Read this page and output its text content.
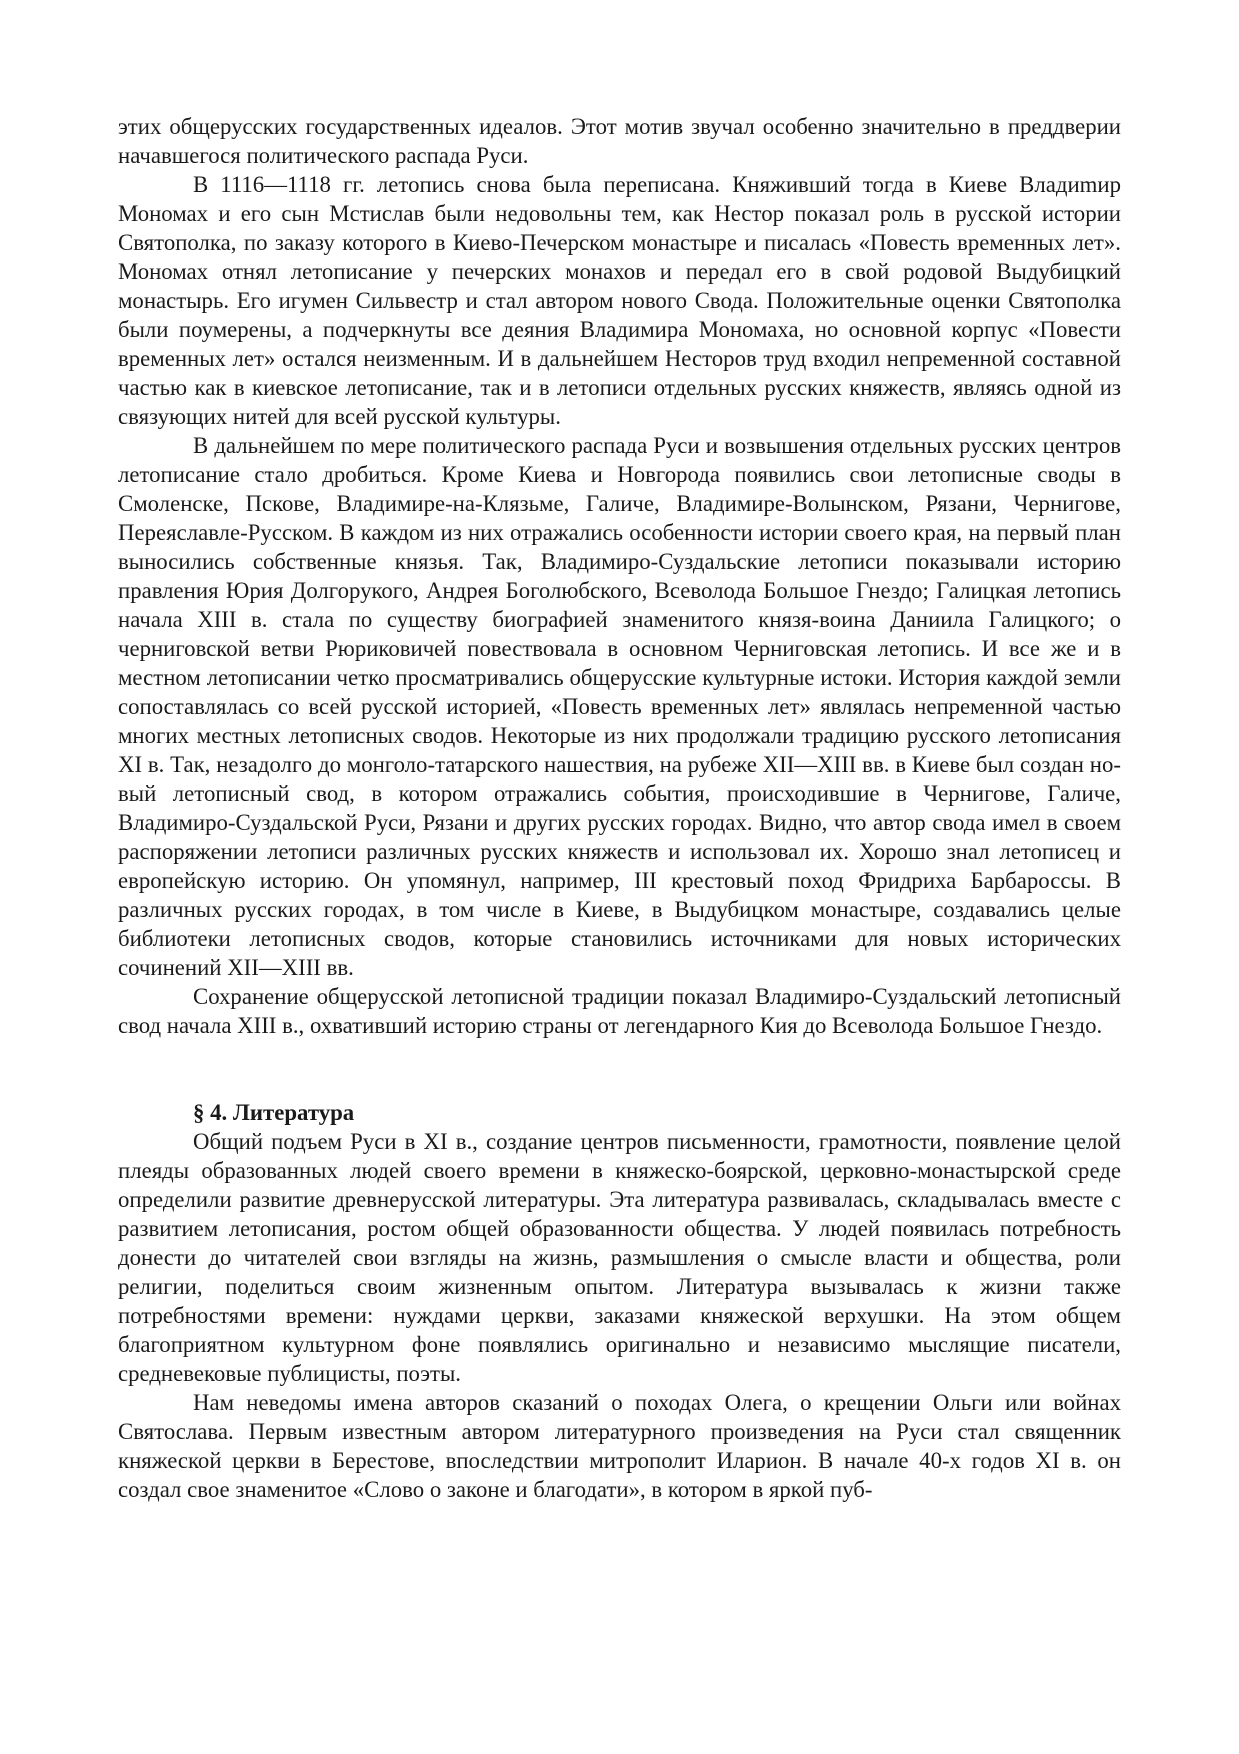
этих общерусских государственных идеалов. Этот мотив звучал особенно значительно в преддверии начавшегося политического распада Руси.

В 1116—1118 гг. летопись снова была переписана. Княживший тогда в Киеве Владиmир Мономах и его сын Мстислав были недовольны тем, как Нестор показал роль в русской истории Святополка, по заказу которого в Киево-Печерском монастыре и писалась «Повесть временных лет». Мономах отнял летописание у печерских монахов и передал его в свой родовой Выдубицкий монастырь. Его игумен Сильвестр и стал автором нового Свода. Положительные оценки Святополка были поумерены, а подчеркнуты все деяния Владимира Мономаха, но основной корпус «Повести временных лет» остался неизменным. И в дальнейшем Несторов труд входил непременной составной частью как в киевское летописание, так и в летописи отдельных русских княжеств, являясь одной из связующих нитей для всей русской культуры.

В дальнейшем по мере политического распада Руси и возвышения отдельных русских центров летописание стало дробиться. Кроме Киева и Новгорода появились свои летописные своды в Смоленске, Пскове, Владимире-на-Клязьме, Галиче, Владимире-Волынском, Рязани, Чернигове, Переяславле-Русском. В каждом из них отражались особенности истории своего края, на первый план выносились собственные князья. Так, Владимиро-Суздальские летописи показывали историю правления Юрия Долгорукого, Андрея Боголюбского, Всеволода Большое Гнездо; Галицкая летопись начала XIII в. стала по существу биографией знаменитого князя-воина Даниила Галицкого; о черниговской ветви Рюриковичей повествовала в основном Черниговская летопись. И все же и в местном летописании четко просматривались общерусские культурные истоки. История каждой земли сопоставлялась со всей русской историей, «Повесть временных лет» являлась непременной частью многих местных летописных сводов. Некоторые из них продолжали традицию русского летописания XI в. Так, незадолго до монголо-татарского нашествия, на рубеже XII—XIII вв. в Киеве был создан новый летописный свод, в котором отражались события, происходившие в Чернигове, Галиче, Владимиро-Суздальской Руси, Рязани и других русских городах. Видно, что автор свода имел в своем распоряжении летописи различных русских княжеств и использовал их. Хорошо знал летописец и европейскую историю. Он упомянул, например, III крестовый поход Фридриха Барбароссы. В различных русских городах, в том числе в Киеве, в Выдубицком монастыре, создавались целые библиотеки летописных сводов, которые становились источниками для новых исторических сочинений XII—XIII вв.

Сохранение общерусской летописной традиции показал Владимиро-Суздальский летописный свод начала XIII в., охвативший историю страны от легендарного Кия до Всеволода Большое Гнездо.

§ 4. Литература

Общий подъем Руси в XI в., создание центров письменности, грамотности, появление целой плеяды образованных людей своего времени в княжеско-боярской, церковно-монастырской среде определили развитие древнерусской литературы. Эта литература развивалась, складывалась вместе с развитием летописания, ростом общей образованности общества. У людей появилась потребность донести до читателей свои взгляды на жизнь, размышления о смысле власти и общества, роли религии, поделиться своим жизненным опытом. Литература вызывалась к жизни также потребностями времени: нуждами церкви, заказами княжеской верхушки. На этом общем благоприятном культурном фоне появлялись оригинально и независимо мыслящие писатели, средневековые публицисты, поэты.

Нам неведомы имена авторов сказаний о походах Олега, о крещении Ольги или войнах Святослава. Первым известным автором литературного произведения на Руси стал священник княжеской церкви в Берестове, впоследствии митрополит Иларион. В начале 40-х годов XI в. он создал свое знаменитое «Слово о законе и благодати», в котором в яркой пуб-
